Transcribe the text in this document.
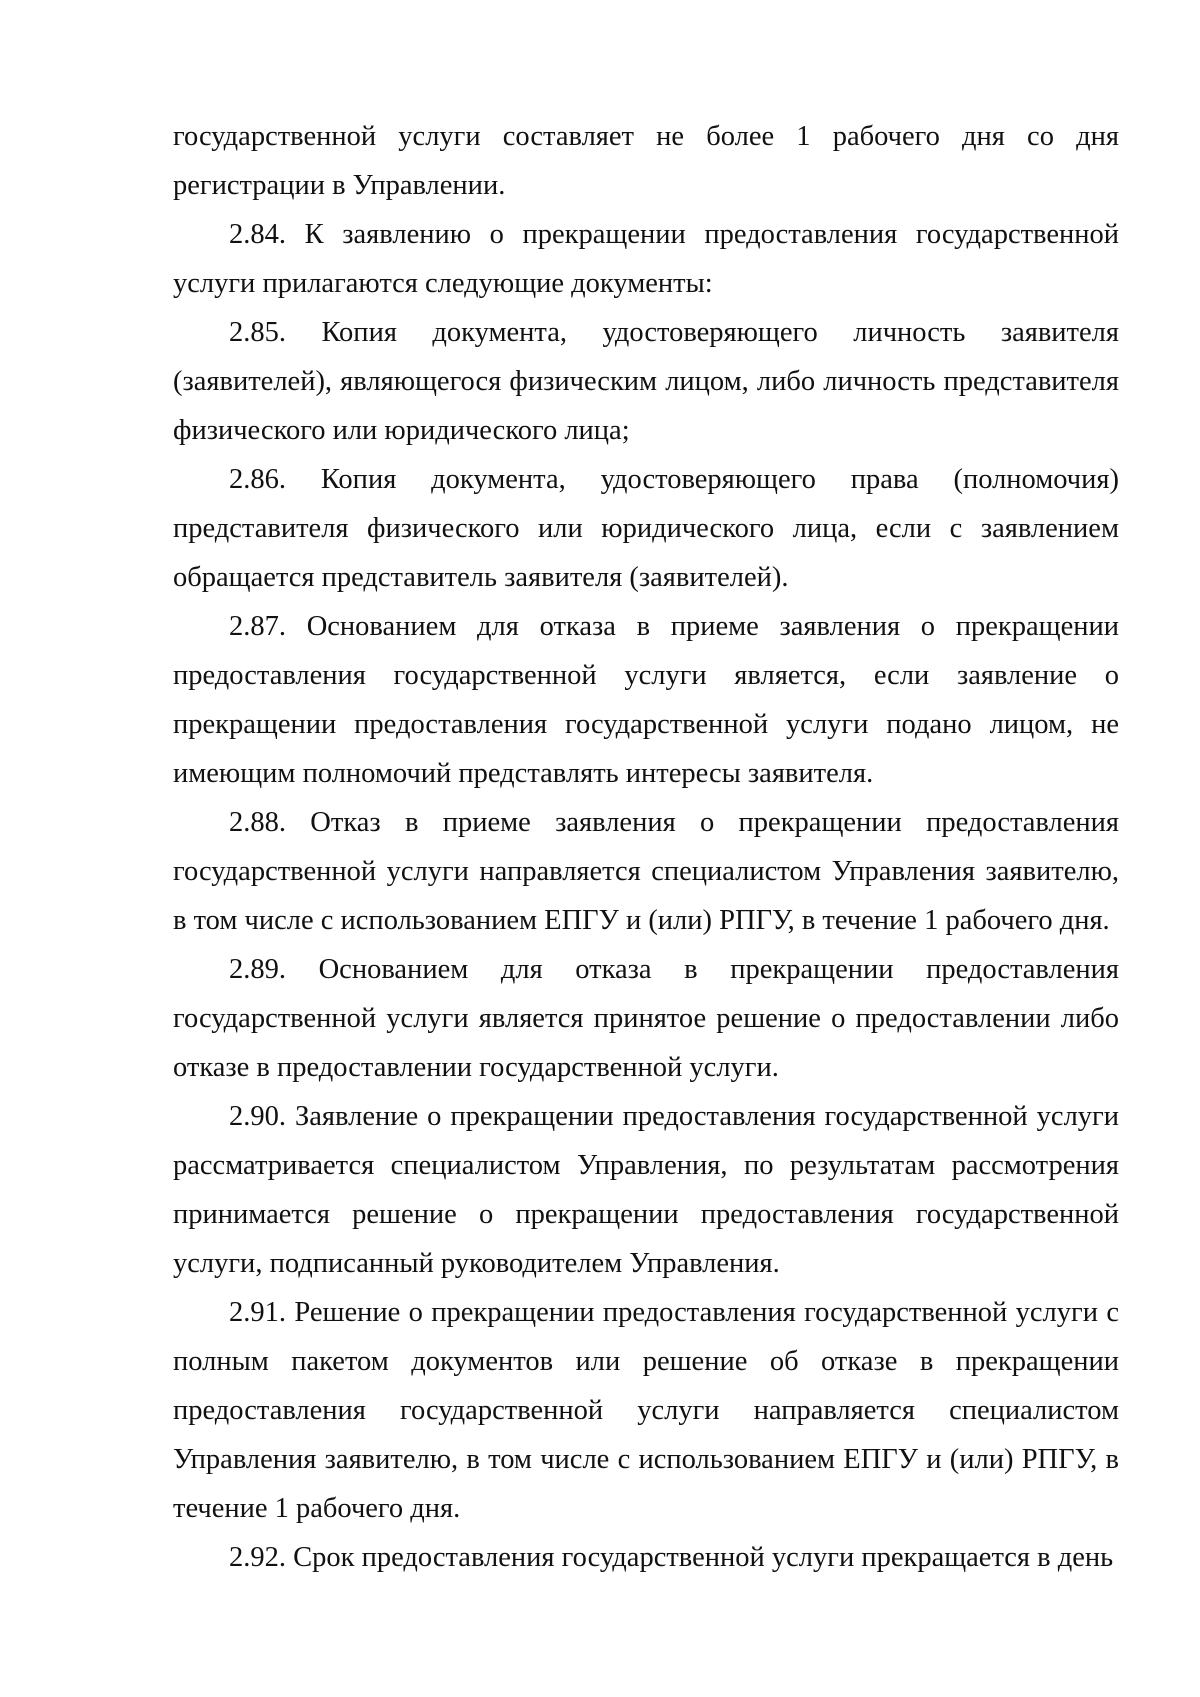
государственной услуги составляет не более 1 рабочего дня со дня регистрации в Управлении.

2.84. К заявлению о прекращении предоставления государственной услуги прилагаются следующие документы:

2.85. Копия документа, удостоверяющего личность заявителя (заявителей), являющегося физическим лицом, либо личность представителя физического или юридического лица;

2.86. Копия документа, удостоверяющего права (полномочия) представителя физического или юридического лица, если с заявлением обращается представитель заявителя (заявителей).

2.87. Основанием для отказа в приеме заявления о прекращении предоставления государственной услуги является, если заявление о прекращении предоставления государственной услуги подано лицом, не имеющим полномочий представлять интересы заявителя.

2.88. Отказ в приеме заявления о прекращении предоставления государственной услуги направляется специалистом Управления заявителю, в том числе с использованием ЕПГУ и (или) РПГУ, в течение 1 рабочего дня.

2.89. Основанием для отказа в прекращении предоставления государственной услуги является принятое решение о предоставлении либо отказе в предоставлении государственной услуги.

2.90. Заявление о прекращении предоставления государственной услуги рассматривается специалистом Управления, по результатам рассмотрения принимается решение о прекращении предоставления государственной услуги, подписанный руководителем Управления.

2.91. Решение о прекращении предоставления государственной услуги с полным пакетом документов или решение об отказе в прекращении предоставления государственной услуги направляется специалистом Управления заявителю, в том числе с использованием ЕПГУ и (или) РПГУ, в течение 1 рабочего дня.

2.92. Срок предоставления государственной услуги прекращается в день
